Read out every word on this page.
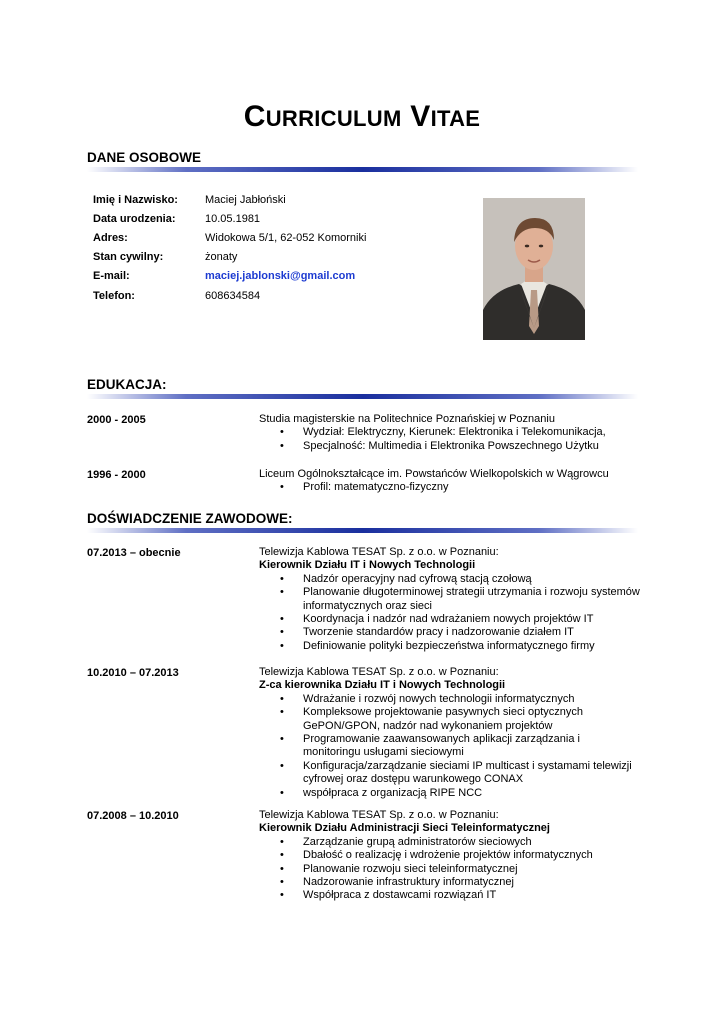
CURRICULUM VITAE
DANE OSOBOWE
Imię i Nazwisko:	Maciej Jabłoński
Data urodzenia:	10.05.1981
Adres:	Widokowa 5/1, 62-052 Komorniki
Stan cywilny:	żonaty
E-mail:	maciej.jablonski@gmail.com
Telefon:	608634584
EDUKACJA:
2000 - 2005	Studia magisterskie na Politechnice Poznańskiej w Poznaniu
• Wydział: Elektryczny, Kierunek: Elektronika i Telekomunikacja,
• Specjalność: Multimedia i Elektronika Powszechnego Użytku
1996 - 2000	Liceum Ogólnokształcące im. Powstańców Wielkopolskich w Wągrowcu
• Profil: matematyczno-fizyczny
DOŚWIADCZENIE ZAWODOWE:
07.2013 – obecnie	Telewizja Kablowa TESAT Sp. z o.o. w Poznaniu:
Kierownik Działu IT i Nowych Technologii
• Nadzór operacyjny nad cyfrową stacją czołową
• Planowanie długoterminowej strategii utrzymania i rozwoju systemów
informatycznych oraz sieci
• Koordynacja i nadzór nad wdrażaniem nowych projektów IT
• Tworzenie standardów pracy i nadzorowanie działem IT
• Definiowanie polityki bezpieczeństwa informatycznego firmy
10.2010 – 07.2013	Telewizja Kablowa TESAT Sp. z o.o. w Poznaniu:
Z-ca kierownika Działu IT i Nowych Technologii
• Wdrażanie i rozwój nowych technologii informatycznych
• Kompleksowe projektowanie pasywnych sieci optycznych
GePON/GPON, nadzór nad wykonaniem projektów
• Programowanie zaawansowanych aplikacji zarządzania i
monitoringu usługami sieciowymi
• Konfiguracja/zarządzanie sieciami IP multicast i systamami telewizji
cyfrowej oraz dostępu warunkowego CONAX
• współpraca z organizacją RIPE NCC
07.2008 – 10.2010	Telewizja Kablowa TESAT Sp. z o.o. w Poznaniu:
Kierownik Działu Administracji Sieci Teleinformatycznej
• Zarządzanie grupą administratorów sieciowych
• Dbałość o realizację i wdrożenie projektów informatycznych
• Planowanie rozwoju sieci teleinformatycznej
• Nadzorowanie infrastruktury informatycznej
• Współpraca z dostawcami rozwiązań IT
